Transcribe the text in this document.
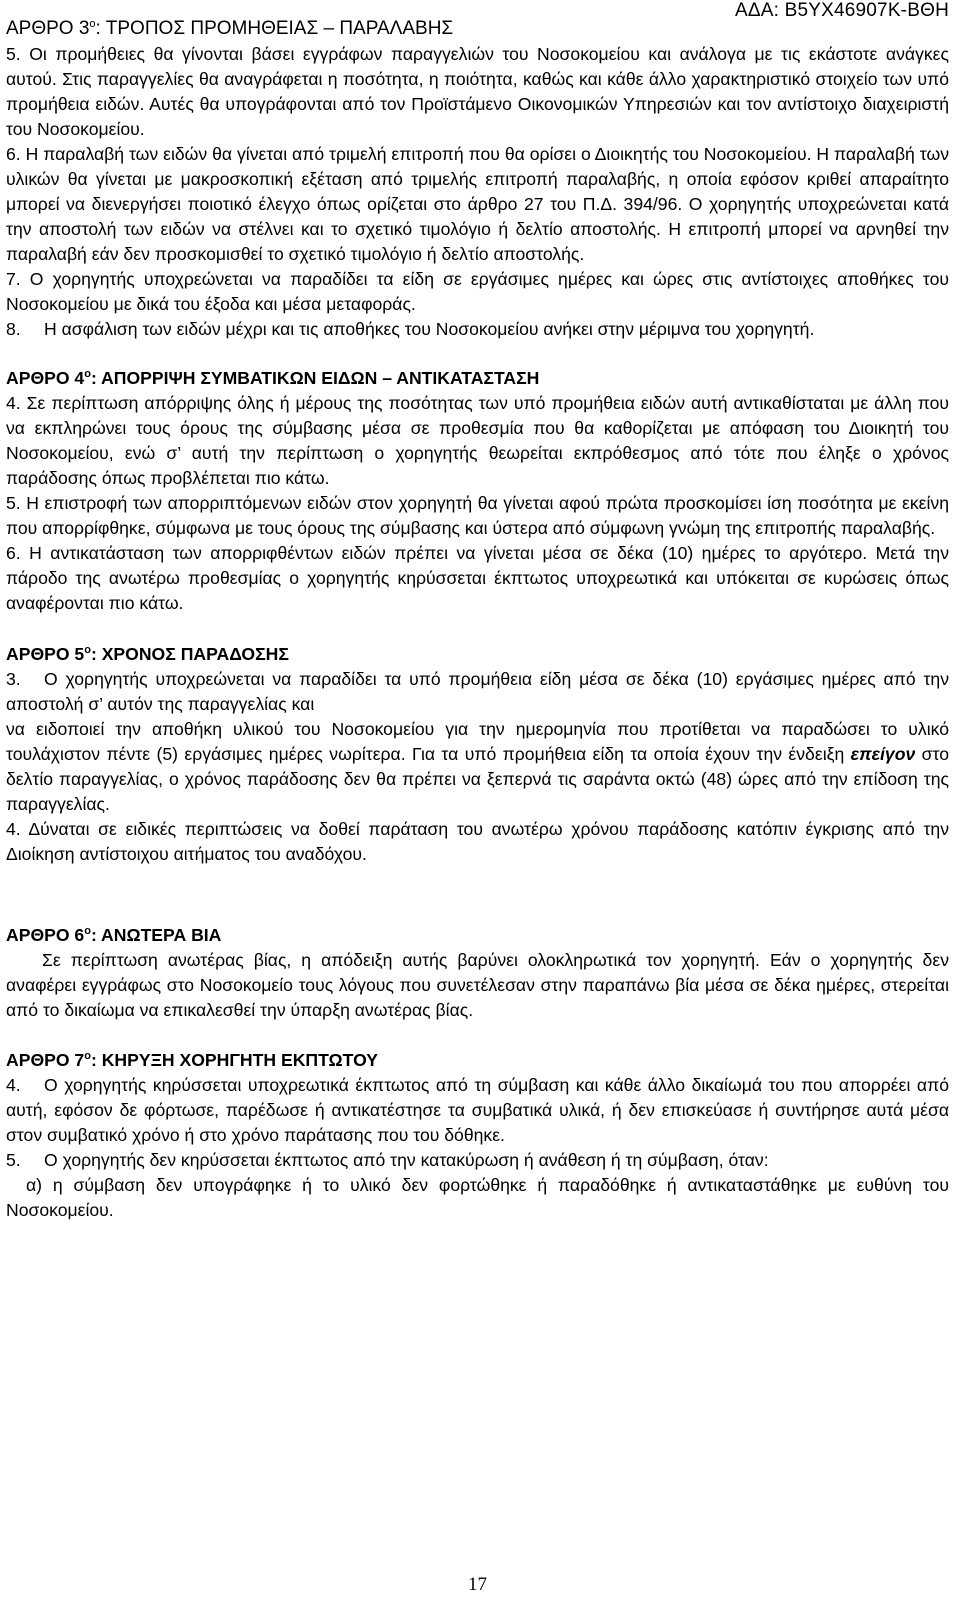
ΑΡΘΡΟ $3^o$: ΤΡΟΠΟΣ ΠΡΟΜΗΘΕΙΑΣ – ΠΑΡΑΛΑΒΗΣ
ΑΔΑ: Β5ΥΧ46907Κ-ΒΘΗ

5. Οι προμήθειες θα γίνονται βάσει εγγράφων παραγγελιών του Νοσοκομείου και ανάλογα με τις εκάστοτε ανάγκες αυτού. Στις παραγγελίες θα αναγράφεται η ποσότητα, η ποιότητα, καθώς και κάθε άλλο χαρακτηριστικό στοιχείο των υπό προμήθεια ειδών. Αυτές θα υπογράφονται από τον Προϊστάμενο Οικονομικών Υπηρεσιών και τον αντίστοιχο διαχειριστή του Νοσοκομείου.

6. Η παραλαβή των ειδών θα γίνεται από τριμελή επιτροπή που θα ορίσει ο Διοικητής του Νοσοκομείου. Η παραλαβή των υλικών θα γίνεται με μακροσκοπική εξέταση από τριμελής επιτροπή παραλαβής, η οποία εφόσον κριθεί απαραίτητο μπορεί να διενεργήσει ποιοτικό έλεγχο όπως ορίζεται στο άρθρο 27 του Π.Δ. 394/96. Ο χορηγητής υποχρεώνεται κατά την αποστολή των ειδών να στέλνει και το σχετικό τιμολόγιο ή δελτίο αποστολής. Η επιτροπή μπορεί να αρνηθεί την παραλαβή εάν δεν προσκομισθεί το σχετικό τιμολόγιο ή δελτίο αποστολής.

7. Ο χορηγητής υποχρεώνεται να παραδίδει τα είδη σε εργάσιμες ημέρες και ώρες στις αντίστοιχες αποθήκες του Νοσοκομείου με δικά του έξοδα και μέσα μεταφοράς.

8. Η ασφάλιση των ειδών μέχρι και τις αποθήκες του Νοσοκομείου ανήκει στην μέριμνα του χορηγητή.

ΑΡΘΡΟ $4^o$: ΑΠΟΡΡΙΨΗ ΣΥΜΒΑΤΙΚΩΝ ΕΙΔΩΝ – ΑΝΤΙΚΑΤΑΣΤΑΣΗ

4. Σε περίπτωση απόρριψης όλης ή μέρους της ποσότητας των υπό προμήθεια ειδών αυτή αντικαθίσταται με άλλη που να εκπληρώνει τους όρους της σύμβασης μέσα σε προθεσμία που θα καθορίζεται με απόφαση του Διοικητή του Νοσοκομείου, ενώ σ’ αυτή την περίπτωση ο χορηγητής θεωρείται εκπρόθεσμος από τότε που έληξε ο χρόνος παράδοσης όπως προβλέπεται πιο κάτω.

5. Η επιστροφή των απορριπτόμενων ειδών στον χορηγητή θα γίνεται αφού πρώτα προσκομίσει ίση ποσότητα με εκείνη που απορρίφθηκε, σύμφωνα με τους όρους της σύμβασης και ύστερα από σύμφωνη γνώμη της επιτροπής παραλαβής.

6. Η αντικατάσταση των απορριφθέντων ειδών πρέπει να γίνεται μέσα σε δέκα (10) ημέρες το αργότερο. Μετά την πάροδο της ανωτέρω προθεσμίας ο χορηγητής κηρύσσεται έκπτωτος υποχρεωτικά και υπόκειται σε κυρώσεις όπως αναφέρονται πιο κάτω.

ΑΡΘΡΟ $5^o$: ΧΡΟΝΟΣ ΠΑΡΑΔΟΣΗΣ

3. Ο χορηγητής υποχρεώνεται να παραδίδει τα υπό προμήθεια είδη μέσα σε δέκα (10) εργάσιμες ημέρες από την αποστολή σ’ αυτόν της παραγγελίας και

να ειδοποιεί την αποθήκη υλικού του Νοσοκομείου για την ημερομηνία που προτίθεται να παραδώσει το υλικό τουλάχιστον πέντε (5) εργάσιμες ημέρες νωρίτερα. Για τα υπό προμήθεια είδη τα οποία έχουν την ένδειξη επείγον στο δελτίο παραγγελίας, ο χρόνος παράδοσης δεν θα πρέπει να ξεπερνά τις σαράντα οκτώ (48) ώρες από την επίδοση της παραγγελίας.

4. Δύναται σε ειδικές περιπτώσεις να δοθεί παράταση του ανωτέρω χρόνου παράδοσης κατόπιν έγκρισης από την Διοίκηση αντίστοιχου αιτήματος του αναδόχου.

ΑΡΘΡΟ $6^o$: ΑΝΩΤΕΡΑ ΒΙΑ

Σε περίπτωση ανωτέρας βίας, η απόδειξη αυτής βαρύνει ολοκληρωτικά τον χορηγητή. Εάν ο χορηγητής δεν αναφέρει εγγράφως στο Νοσοκομείο τους λόγους που συνετέλεσαν στην παραπάνω βία μέσα σε δέκα ημέρες, στερείται από το δικαίωμα να επικαλεσθεί την ύπαρξη ανωτέρας βίας.

ΑΡΘΡΟ $7^o$: ΚΗΡΥΞΗ ΧΟΡΗΓΗΤΗ ΕΚΠΤΩΤΟΥ

4. Ο χορηγητής κηρύσσεται υποχρεωτικά έκπτωτος από τη σύμβαση και κάθε άλλο δικαίωμά του που απορρέει από αυτή, εφόσον δε φόρτωσε, παρέδωσε ή αντικατέστησε τα συμβατικά υλικά, ή δεν επισκεύασε ή συντήρησε αυτά μέσα στον συμβατικό χρόνο ή στο χρόνο παράτασης που του δόθηκε.

5. Ο χορηγητής δεν κηρύσσεται έκπτωτος από την κατακύρωση ή ανάθεση ή τη σύμβαση, όταν:

α) η σύμβαση δεν υπογράφηκε ή το υλικό δεν φορτώθηκε ή παραδόθηκε ή αντικαταστάθηκε με ευθύνη του Νοσοκομείου.

17
